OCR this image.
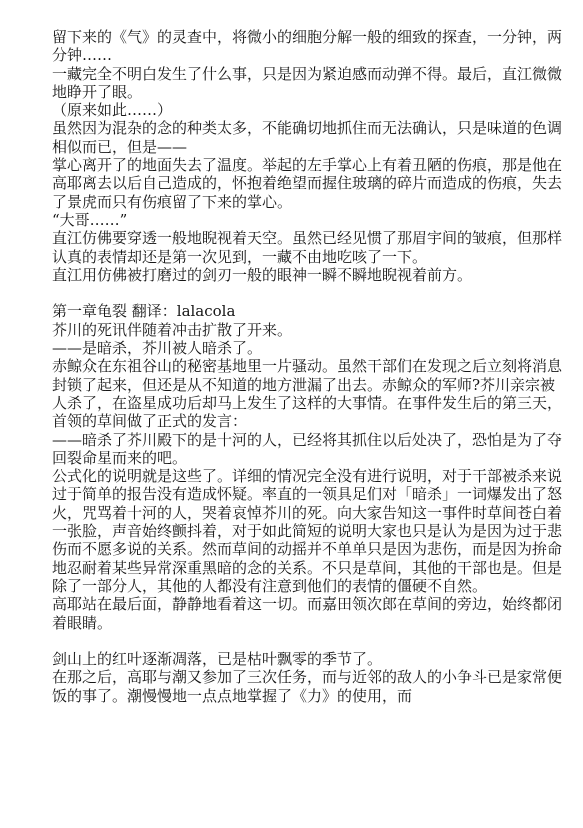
留下来的《气》的灵查中，将微小的细胞分解一般的细致的探查，一分钟，两分钟……

一藏完全不明白发生了什么事，只是因为紧迫感而动弹不得。最后，直江微微地睁开了眼。

（原来如此……）

虽然因为混杂的念的种类太多，不能确切地抓住而无法确认，只是味道的色调相似而已，但是——

掌心离开了的地面失去了温度。举起的左手掌心上有着丑陋的伤痕，那是他在高耶离去以后自己造成的，怀抱着绝望而握住玻璃的碎片而造成的伤痕，失去了景虎而只有伤痕留了下来的掌心。

“大哥……”

直江仿佛要穿透一般地睨视着天空。虽然已经见惯了那眉宇间的皱痕，但那样认真的表情却还是第一次见到，一藏不由地吃咳了一下。

直江用仿佛被打磨过的剑刃一般的眼神一瞬不瞬地睨视着前方。

第一章龟裂 翻译：lalacola

芥川的死讯伴随着冲击扩散了开来。

——是暗杀，芥川被人暗杀了。

赤鲸众在东祖谷山的秘密基地里一片骚动。虽然干部们在发现之后立刻将消息封锁了起来，但还是从不知道的地方泄漏了出去。赤鲸众的军师?芥川亲宗被人杀了，在盗星成功后却马上发生了这样的大事情。在事件发生后的第三天，首领的草间做了正式的发言：

——暗杀了芥川殿下的是十河的人，已经将其抓住以后处决了，恐怕是为了夺回裂命星而来的吧。

公式化的说明就是这些了。详细的情况完全没有进行说明，对于干部被杀来说过于简单的报告没有造成怀疑。率直的一领具足们对「暗杀」一词爆发出了怒火，咒骂着十河的人，哭着哀悼芥川的死。向大家告知这一事件时草间苍白着一张脸，声音始终颤抖着，对于如此简短的说明大家也只是认为是因为过于悲伤而不愿多说的关系。然而草间的动摇并不单单只是因为悲伤，而是因为拚命地忍耐着某些异常深重黑暗的念的关系。不只是草间，其他的干部也是。但是除了一部分人，其他的人都没有注意到他们的表情的僵硬不自然。

高耶站在最后面，静静地看着这一切。而嘉田领次郎在草间的旁边，始终都闭着眼睛。

剑山上的红叶逐渐凋落，已是枯叶飘零的季节了。

在那之后，高耶与潮又参加了三次任务，而与近邻的敌人的小争斗已是家常便饭的事了。潮慢慢地一点点地掌握了《力》的使用，而
